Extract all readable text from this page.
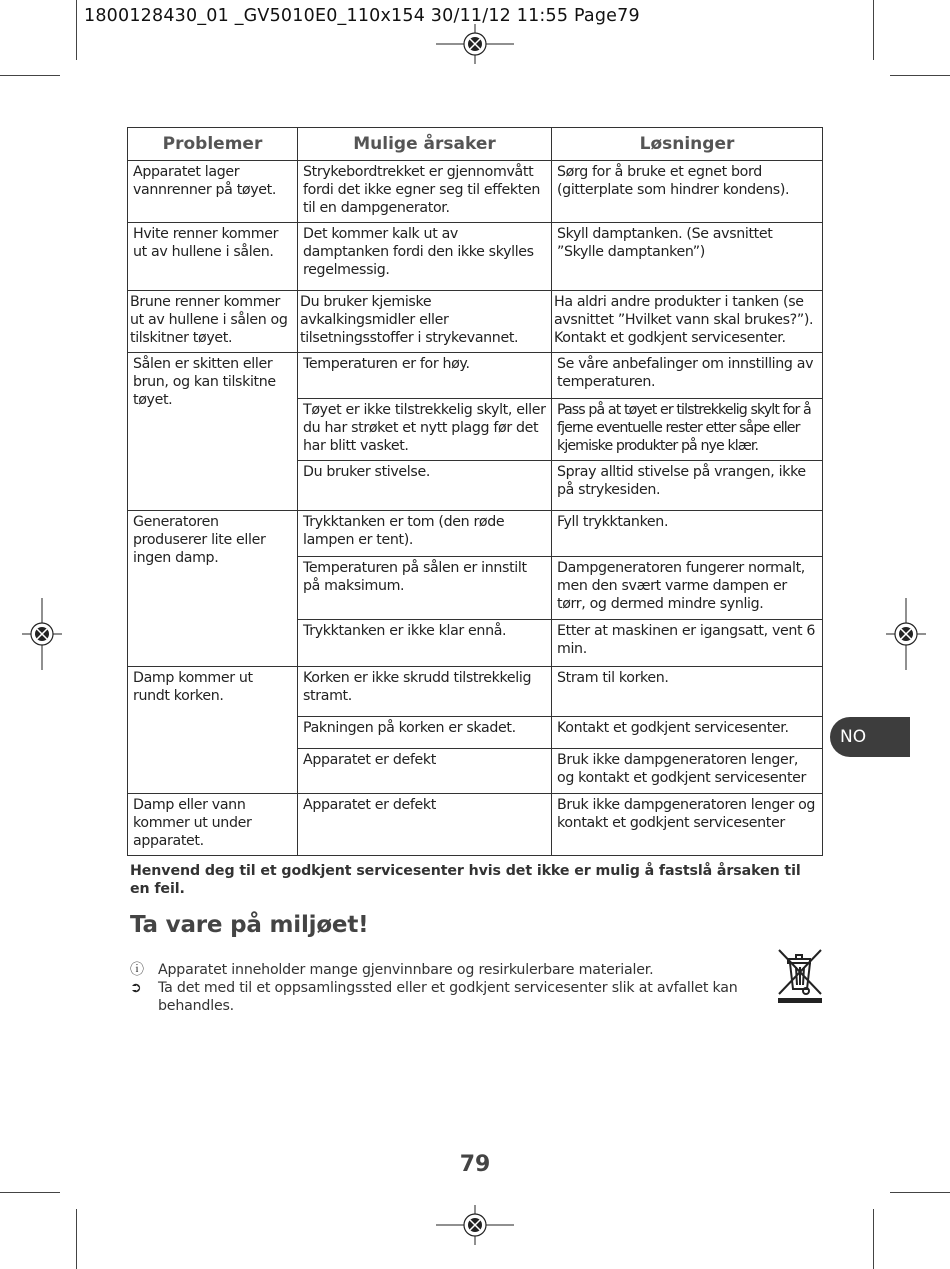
1800128430_01 _GV5010E0_110x154 30/11/12 11:55 Page79
Problemer	Mulige årsaker	Løsninger
Apparatet lager vannrenner på tøyet.	Strykebordtrekket er gjennomvått fordi det ikke egner seg til effekten til en dampgenerator.	Sørg for å bruke et egnet bord (gitterplate som hindrer kondens).
Hvite renner kommer ut av hullene i sålen.	Det kommer kalk ut av damptanken fordi den ikke skylles regelmessig.	Skyll damptanken. (Se avsnittet ”Skylle damptanken”)
Brune renner kommer ut av hullene i sålen og tilskitner tøyet.	Du bruker kjemiske avkalkingsmidler eller tilsetningsstoffer i strykevannet.	Ha aldri andre produkter i tanken (se avsnittet ”Hvilket vann skal brukes?”). Kontakt et godkjent servicesenter.
Sålen er skitten eller brun, og kan tilskitne tøyet.	Temperaturen er for høy.	Se våre anbefalinger om innstilling av temperaturen.
	Tøyet er ikke tilstrekkelig skylt, eller du har strøket et nytt plagg før det har blitt vasket.	Pass på at tøyet er tilstrekkelig skylt for å fjerne eventuelle rester etter såpe eller kjemiske produkter på nye klær.
	Du bruker stivelse.	Spray alltid stivelse på vrangen, ikke på strykesiden.
Generatoren produserer lite eller ingen damp.	Trykktanken er tom (den røde lampen er tent).	Fyll trykktanken.
	Temperaturen på sålen er innstilt på maksimum.	Dampgeneratoren fungerer normalt, men den svært varme dampen er tørr, og dermed mindre synlig.
	Trykktanken er ikke klar ennå.	Etter at maskinen er igangsatt, vent 6 min.
Damp kommer ut rundt korken.	Korken er ikke skrudd tilstrekkelig stramt.	Stram til korken.
	Pakningen på korken er skadet.	Kontakt et godkjent servicesenter.
	Apparatet er defekt	Bruk ikke dampgeneratoren lenger, og kontakt et godkjent servicesenter
Damp eller vann kommer ut under apparatet.	Apparatet er defekt	Bruk ikke dampgeneratoren lenger og kontakt et godkjent servicesenter
Henvend deg til et godkjent servicesenter hvis det ikke er mulig å fastslå årsaken til en feil.
Ta vare på miljøet!
ⓘ Apparatet inneholder mange gjenvinnbare og resirkulerbare materialer.
➲	Ta det med til et oppsamlingssted eller et godkjent servicesenter slik at avfallet kan behandles.
NO
79
